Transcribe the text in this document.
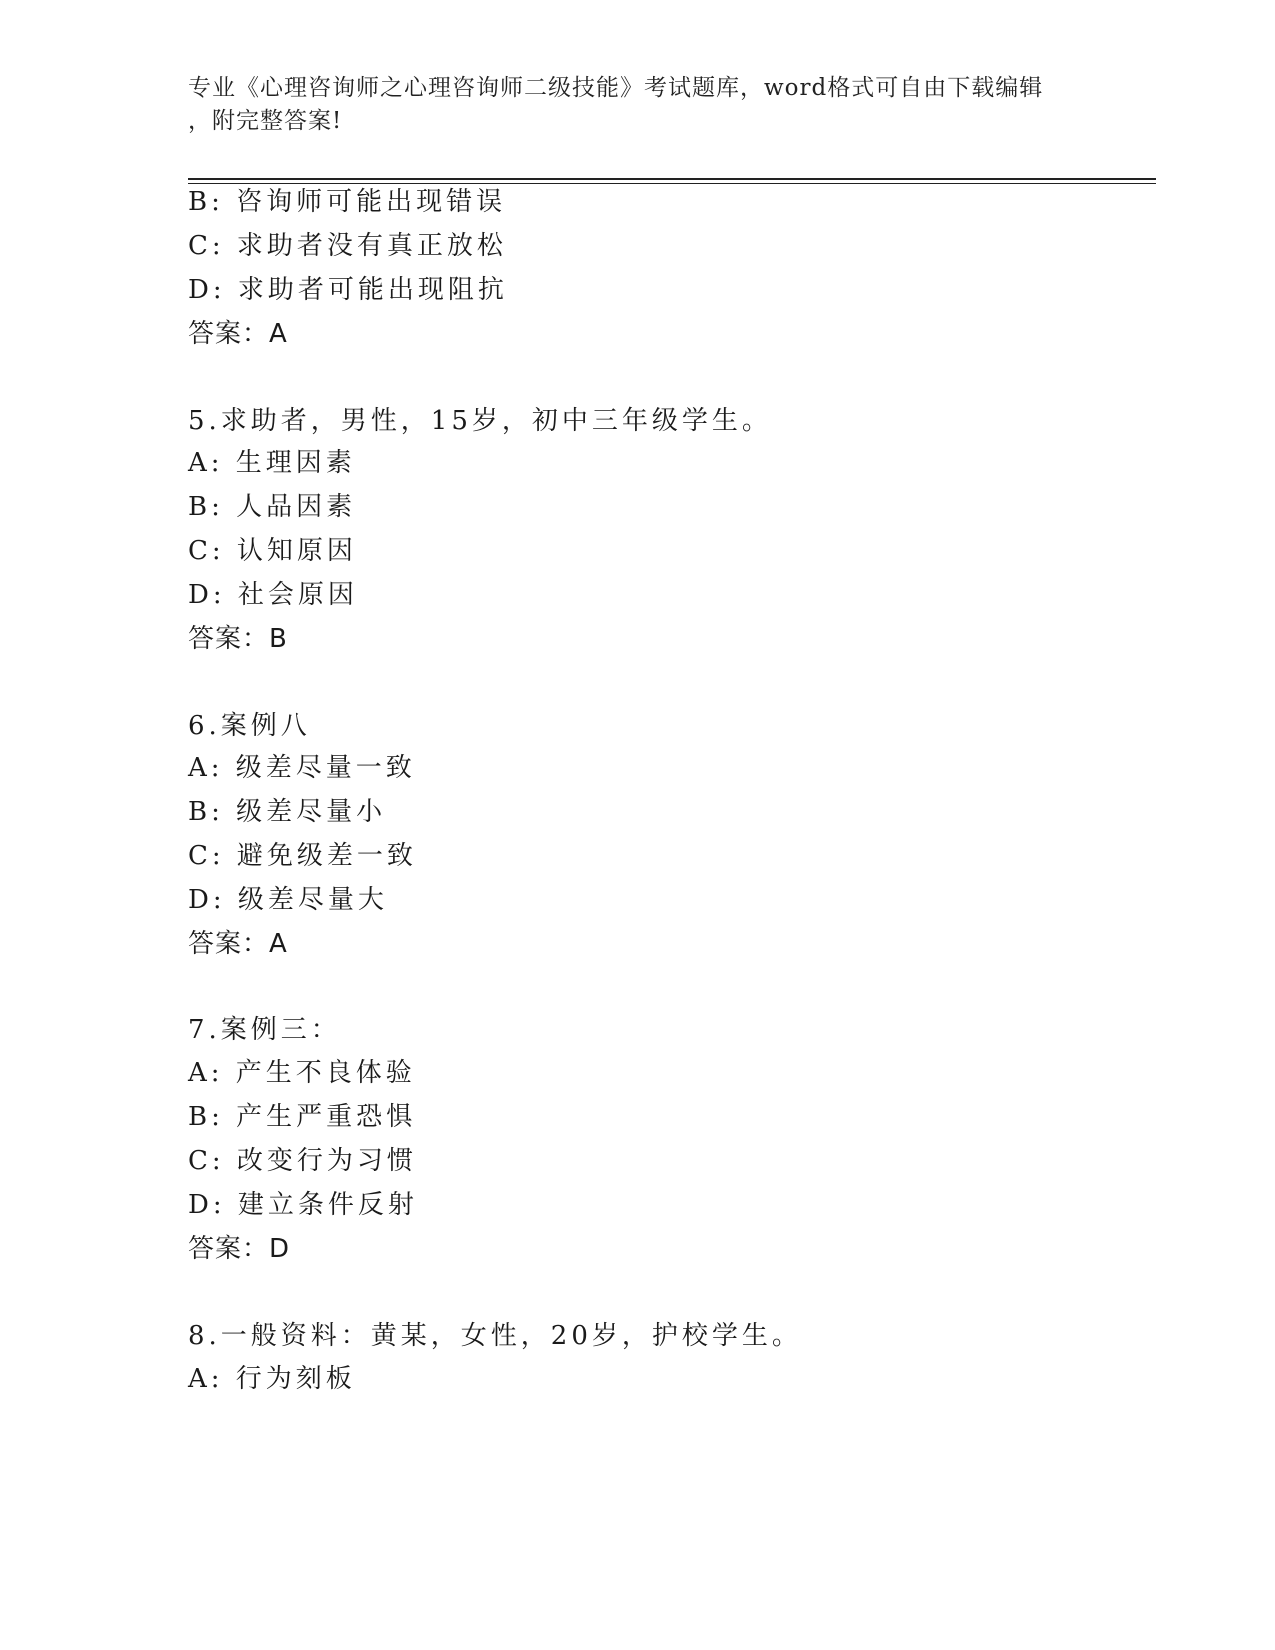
专业《心理咨询师之心理咨询师二级技能》考试题库，word格式可自由下载编辑
，附完整答案!
B: 咨询师可能出现错误
C: 求助者没有真正放松
D: 求助者可能出现阻抗
答案：A
5.求助者，男性，15岁，初中三年级学生。
A: 生理因素
B: 人品因素
C: 认知原因
D: 社会原因
答案：B
6.案例八
A: 级差尽量一致
B: 级差尽量小
C: 避免级差一致
D: 级差尽量大
答案：A
7.案例三：
A: 产生不良体验
B: 产生严重恐惧
C: 改变行为习惯
D: 建立条件反射
答案：D
8.一般资料：黄某，女性，20岁，护校学生。
A: 行为刻板
